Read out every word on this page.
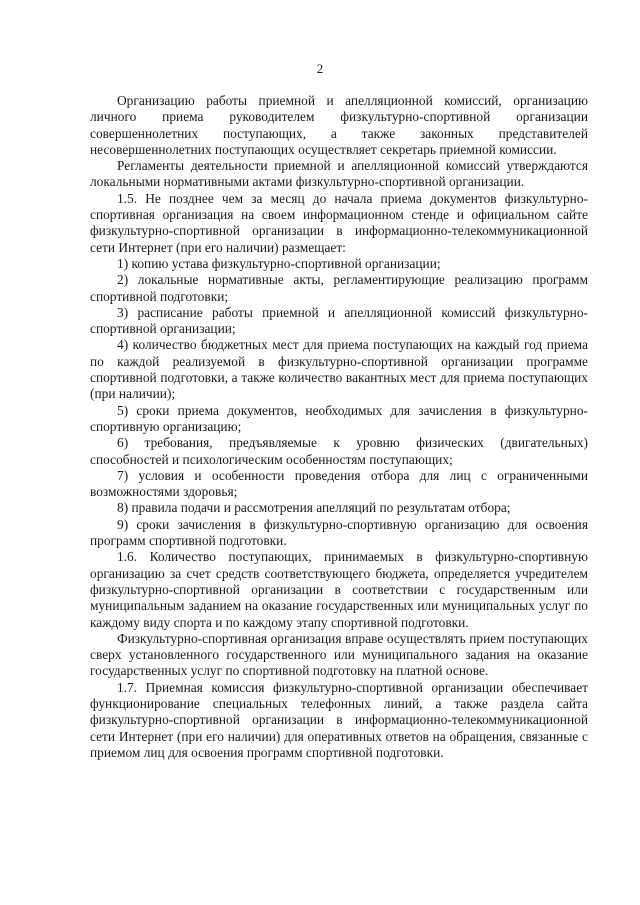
2

Организацию работы приемной и апелляционной комиссий, организацию личного приема руководителем физкультурно-спортивной организации совершеннолетних поступающих, а также законных представителей несовершеннолетних поступающих осуществляет секретарь приемной комиссии.

Регламенты деятельности приемной и апелляционной комиссий утверждаются локальными нормативными актами физкультурно-спортивной организации.

1.5. Не позднее чем за месяц до начала приема документов физкультурно-спортивная организация на своем информационном стенде и официальном сайте физкультурно-спортивной организации в информационно-телекоммуникационной сети Интернет (при его наличии) размещает:

1) копию устава физкультурно-спортивной организации;

2) локальные нормативные акты, регламентирующие реализацию программ спортивной подготовки;

3) расписание работы приемной и апелляционной комиссий физкультурно-спортивной организации;

4) количество бюджетных мест для приема поступающих на каждый год приема по каждой реализуемой в физкультурно-спортивной организации программе спортивной подготовки, а также количество вакантных мест для приема поступающих (при наличии);

5) сроки приема документов, необходимых для зачисления в физкультурно-спортивную организацию;

6) требования, предъявляемые к уровню физических (двигательных) способностей и психологическим особенностям поступающих;

7) условия и особенности проведения отбора для лиц с ограниченными возможностями здоровья;

8) правила подачи и рассмотрения апелляций по результатам отбора;

9) сроки зачисления в физкультурно-спортивную организацию для освоения программ спортивной подготовки.

1.6. Количество поступающих, принимаемых в физкультурно-спортивную организацию за счет средств соответствующего бюджета, определяется учредителем физкультурно-спортивной организации в соответствии с государственным или муниципальным заданием на оказание государственных или муниципальных услуг по каждому виду спорта и по каждому этапу спортивной подготовки.

Физкультурно-спортивная организация вправе осуществлять прием поступающих сверх установленного государственного или муниципального задания на оказание государственных услуг по спортивной подготовку на платной основе.

1.7. Приемная комиссия физкультурно-спортивной организации обеспечивает функционирование специальных телефонных линий, а также раздела сайта физкультурно-спортивной организации в информационно-телекоммуникационной сети Интернет (при его наличии) для оперативных ответов на обращения, связанные с приемом лиц для освоения программ спортивной подготовки.
